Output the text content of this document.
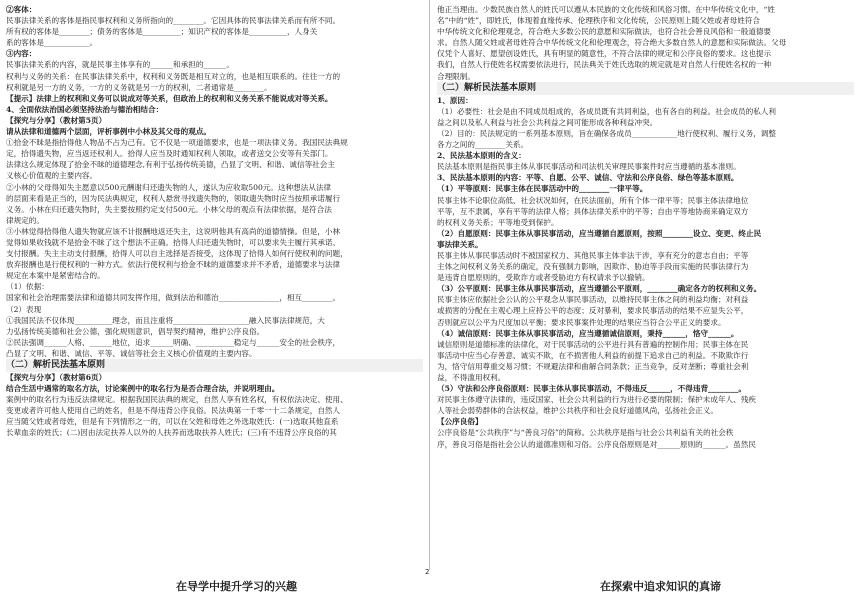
②客体：
民事法律关系的客体是指民事权利和义务所指向的________。它因具体的民事法律关系而有所不同。
所有权的客体是________；债务的客体是__________；知识产权的客体是__________，人身关
系的客体是____________。
③内容：
民事法律关系的内容，就是民事主体享有的______和承担的______。
权利与义务的关系：在民事法律关系中，权利和义务既是相互对立的，也是相互联系的。往往一方的
权利就是另一方的义务，一方的义务就是另一方的权利，二者通常是________。
【提示】法律上的权利和义务可以说成对等关系，但政治上的权利和义务关系不能说成对等关系。
4、全面依法治国必须坚持法治与德治相结合：
【探究与分享】（教材第5页）
请从法律和道德两个层面，评析事例中小林及其父母的观点。
①拾金不昧是指拾得他人物品不占为己有。它不仅是一项道德要求，也是一项法律义务。我国民法典规
定，拾得遗失物，应当返还权利人。拾得人应当及时通知权利人领取，或者送交公安等有关部门。
法律这么规定体现了拾金不昧的道德理念,有利于弘扬传统美德，凸显了文明、和谐、诚信等社会主
义核心价值观的主要内容。
②小林的父母得知失主愿意以500元酬谢归还遗失物的人，遂认为应收取500元。这种想法从法律
的层面来看是正当的，因为民法典规定，权利人悬赏寻找遗失物的，领取遗失物时应当按照承诺履行
义务。小林在归还遗失物时，失主要按照约定支付500元。小林父母的观点有法律依据，是符合法
律规定的。
③小林觉得拾得他人遗失物就应该不计报酬地返还失主，这说明他具有高尚的道德情操。但是，小林
觉得如果收钱就不是拾金不昧了这个想法不正确。拾得人归还遗失物时，可以要求失主履行其承诺、
支付报酬。失主主动支付报酬，拾得人可以自主选择是否接受，这体现了拾得人如何行使权利的问题，
放弃报酬也是行使权利的一种方式。依法行使权利与拾金不昧的道德要求并不矛盾，道德要求与法律
规定在本案中是紧密结合的。
（1）依据：
国家和社会治理需要法律和道德共同发挥作用，做到法治和德治________________，相互________。
（2）表现
①我国民法不仅体现__________理念，而且注重将____________________融入民事法律规范，大
力弘扬传统美德和社会公德，强化规则意识，倡导契约精神，维护公序良俗。
②民法强调______人格、______地位，追求______明确、__________稳定与______安全的社会秩序，
凸显了文明、和谐、诚信、平等、诚信等社会主义核心价值观的主要内容。
（二）解析民法基本原则
【探究与分享】（教材第6页）
结合生活中遇常的取名方法，讨论案例中的取名行为是否合理合法，并说明理由。
案例中的取名行为违反法律规定。根据我国民法典的规定，自然人享有姓名权，有权依法决定、使用、
变更或者许可他人使用自己的姓名，但是不得违背公序良俗。民法典第一千零一十二条规定，自然人
应当随父姓或者母姓，但是有下列情形之一的，可以在父姓和母姓之外选取姓氏：(一)选取其他直系
长辈血亲的姓氏；(二)因由法定扶养人以外的人扶养而选取扶养人姓氏；(三)有不违背公序良俗的其
他正当理由。少数民族自然人的姓氏可以遵从本民族的文化传统和风俗习惯。在中华传统文化中，“姓
名”中的“姓”，即姓氏，体现着血缘传承、伦理秩序和文化传统，公民原则上随父姓或者母姓符合
中华传统文化和伦理观念，符合绝大多数公民的意愿和实际做法，也符合社会善良风俗和一般道德要
求。自然人随父姓或者母姓符合中华传统文化和伦理观念，符合绝大多数自然人的意愿和实际做法。父母
仅凭个人喜好、愿望创设姓氏，具有明显的随意性，不符合法律的规定和公序良俗的要求。这也提示
我们，自然人行使姓名权需要依法进行，民法典关于姓氏选取的规定就是对自然人行使姓名权的一种
合理限制。
（二）解析民法基本原则
1、原因：
（1）必要性：社会是由不同成员组成的，各成员既有共同利益，也有各自的利益。社会成员的私人利
益之间以及私人利益与社会公共利益之间可能形成各种利益冲突。
（2）目的：民法规定的一系列基本原则，旨在确保各成员____________地行使权利、履行义务，调整
各方之间的________关系。
2、民法基本原则的含义：
民法基本原则是指民事主体从事民事活动和司法机关审理民事案件时应当遵循的基本准则。
3、民法基本原则的内容：平等、自愿、公平、诚信、守法和公序良俗、绿色等基本原则。
（1）平等原则：民事主体在民事活动中的________一律平等。
民事主体不论职位高低、社会状况如何，在民法面前，所有个体一律平等；民事主体法律地位
平等，互不隶属，享有平等的法律人格；具体法律关系中的平等；自由平等地协商来确定双方
的权利义务关系；平等地受到保护。
（2）自愿原则：民事主体从事民事活动，应当遵循自愿原则，按照________设立、变更、终止民
事法律关系。
民事主体从事民事活动时不被国家权力、其他民事主体非法干涉，享有充分的意志自由；平等
主体之间权利义务关系的确定，没有强制力影响，因欺诈、胁迫等手段而实施的民事法律行为
是违背自愿原则的，受欺诈方或者受胁迫方有权请求予以撤销。
（3）公平原则：民事主体从事民事活动，应当遵循公平原则，________确定各方的权利和义务。
民事主体应依据社会公认的公平观念从事民事活动，以维持民事主体之间的利益均衡；对利益
或损害的分配在主观心理上应持公平的态度；反对暴利，要求民事活动的结果不应显失公平，
否则就应以公平为尺度加以平衡；要求民事案件处理的结果应当符合公平正义的要求。
（4）诚信原则：民事主体从事民事活动，应当遵循诚信原则，秉持______，恪守______。
诚信原则是道德标准的法律化，对于民事活动的公平进行具有普遍的控制作用；民事主体在民
事活动中应当心存善意、诚实不欺，在不损害他人利益的前提下追求自己的利益。不欺欺诈行
为，恪守信用尊重交易习惯；不规避法律和曲解合同条款；正当竞争，反对垄断；尊重社会利
益，不得滥用权利。
（5）守法和公序良俗原则：民事主体从事民事活动，不得违反______，不得违背________。
对民事主体遵守法律的，违反国家、社会公共利益的行为进行必要的限制；保护未成年人、残疾
人等社会弱势群体的合法权益，维护公共秩序和社会良好道德风尚，弘扬社会正义。
【公序良俗】
公序良俗是“公共秩序”与“善良习俗”的简称。公共秩序是指与社会公共利益有关的社会秩
序，善良习俗是指社会公认的道德准则和习俗。公序良俗原则是对______原则的______。虽然民
2
在导学中提升学习的兴趣	在探索中追求知识的真谛
